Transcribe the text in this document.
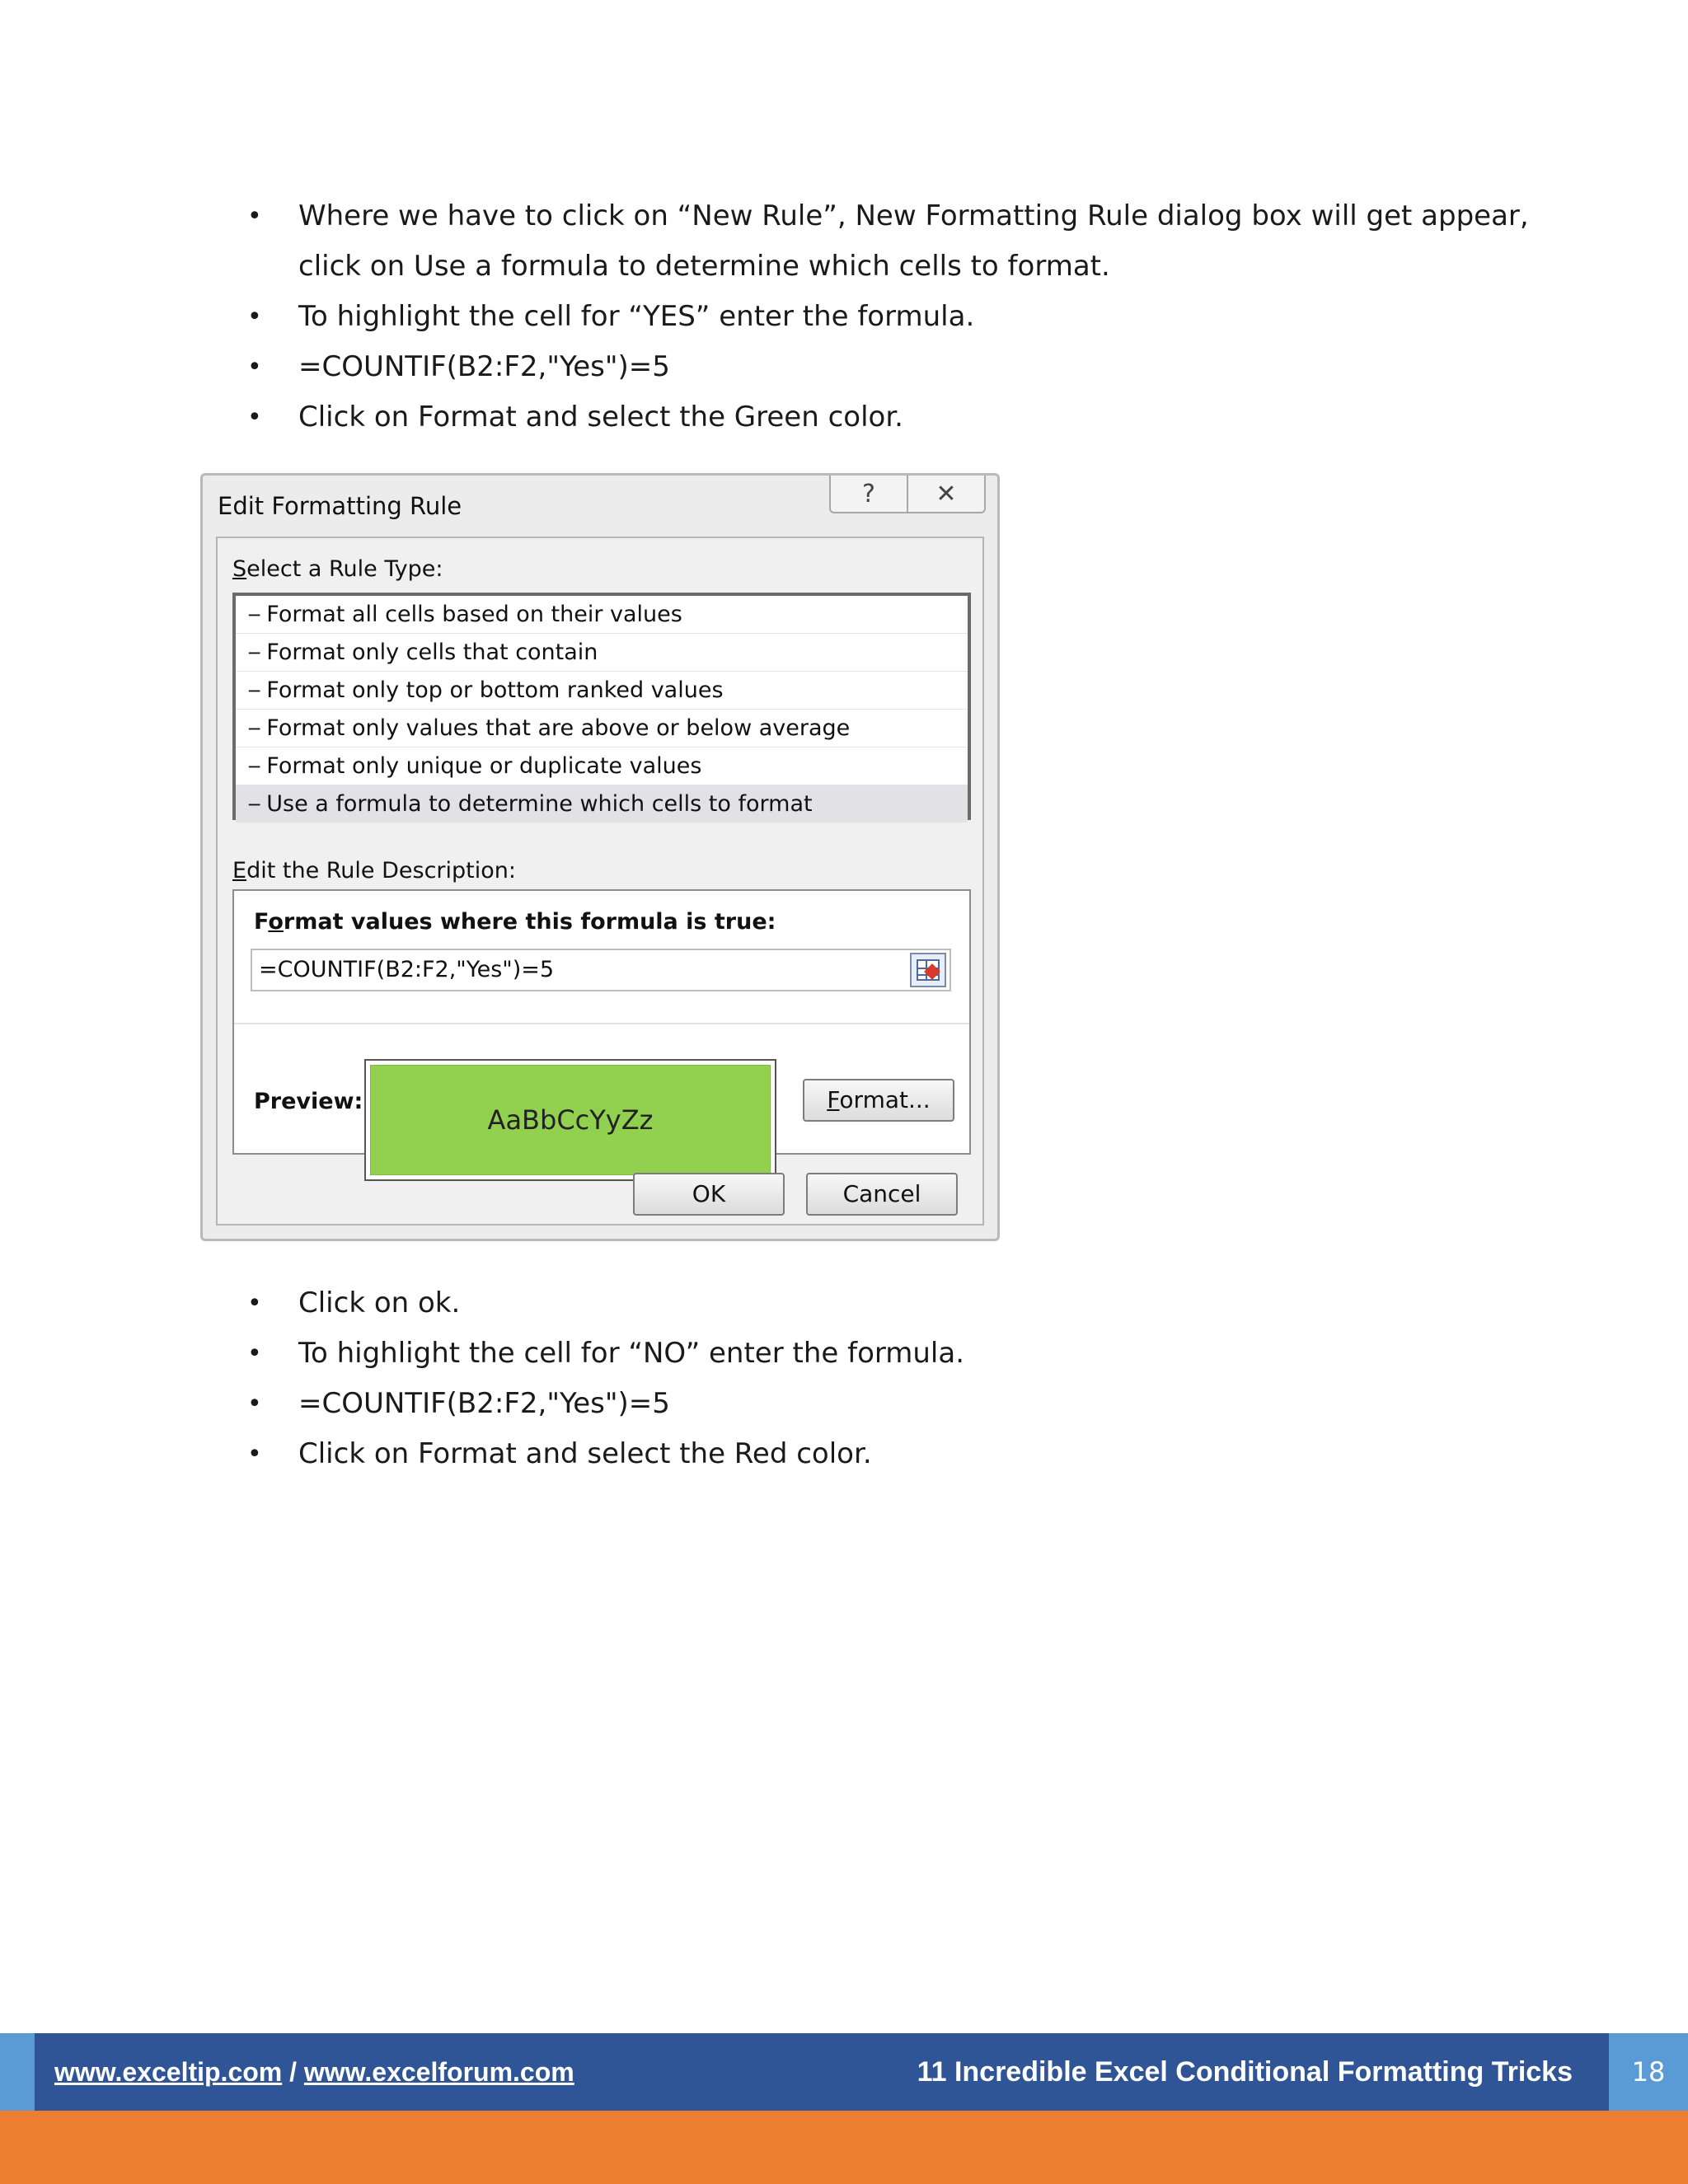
• Where we have to click on “New Rule”, New Formatting Rule dialog box will get appear, click on Use a formula to determine which cells to format.
• To highlight the cell for “YES” enter the formula.
• =COUNTIF(B2:F2,"Yes")=5
• Click on Format and select the Green color.
Edit Formatting Rule	?	✕
Select a Rule Type:
─ Format all cells based on their values
─ Format only cells that contain
─ Format only top or bottom ranked values
─ Format only values that are above or below average
─ Format only unique or duplicate values
─ Use a formula to determine which cells to format
Edit the Rule Description:
Format values where this formula is true:
=COUNTIF(B2:F2,"Yes")=5
Preview:
AaBbCcYyZz
Format...
OK	Cancel
• Click on ok.
• To highlight the cell for “NO” enter the formula.
• =COUNTIF(B2:F2,"Yes")=5
• Click on Format and select the Red color.
www.exceltip.com / www.excelforum.com	11 Incredible Excel Conditional Formatting Tricks	18
